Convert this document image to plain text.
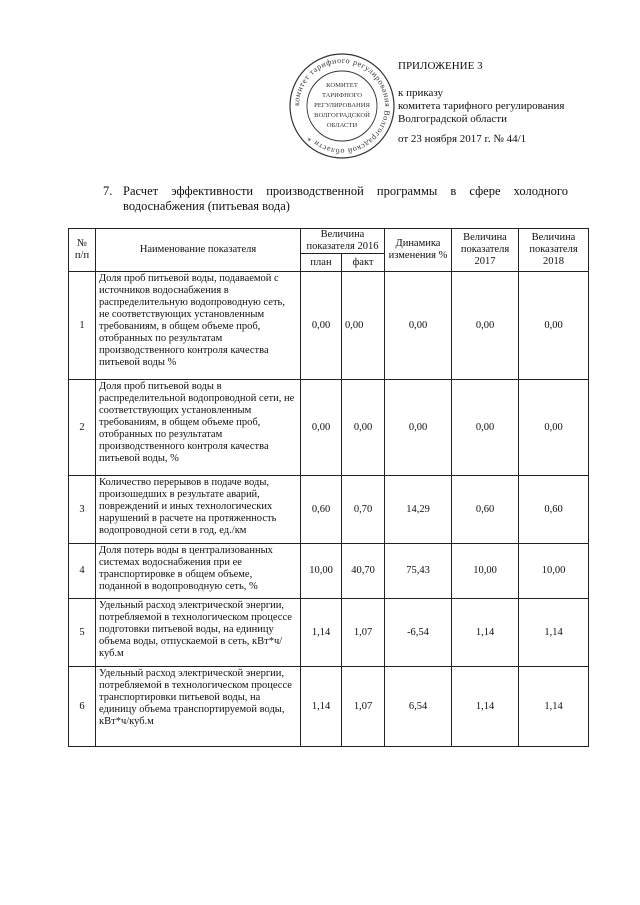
комитет тарифного регулирования Волгоградской области *
КОМИТЕТ
ТАРИФНОГО
РЕГУЛИРОВАНИЯ
ВОЛГОГРАДСКОЙ
ОБЛАСТИ
ПРИЛОЖЕНИЕ 3
к приказу
комитета тарифного регулирования
Волгоградской области
от 23 ноября 2017 г. № 44/1
7. Расчет эффективности производственной программы в сфере холодного
водоснабжения (питьевая вода)
№ п/п	Наименование показателя	Величина показателя 2016		Динамика изменения %	Величина показателя 2017	Величина показателя 2018
		план	факт			
1	Доля проб питьевой воды, подаваемой с источников водоснабжения в распределительную водопроводную сеть, не соответствующих установленным требованиям, в общем объеме проб, отобранных по результатам производственного контроля качества питьевой воды %	0,00	0,00	0,00	0,00	0,00
2	Доля проб питьевой воды в распределительной водопроводной сети, не соответствующих установленным требованиям, в общем объеме проб, отобранных по результатам производственного контроля качества питьевой воды, %	0,00	0,00	0,00	0,00	0,00
3	Количество перерывов в подаче воды, произошедших в результате аварий, повреждений и иных технологических нарушений в расчете на протяженность водопроводной сети в год, ед./км	0,60	0,70	14,29	0,60	0,60
4	Доля потерь воды в централизованных системах водоснабжения при ее транспортировке в общем объеме, поданной в водопроводную сеть, %	10,00	40,70	75,43	10,00	10,00
5	Удельный расход электрической энергии, потребляемой в технологическом процессе подготовки питьевой воды, на единицу объема воды, отпускаемой в сеть, кВт*ч/куб.м	1,14	1,07	-6,54	1,14	1,14
6	Удельный расход электрической энергии, потребляемой в технологическом процессе транспортировки питьевой воды, на единицу объема транспортируемой воды, кВт*ч/куб.м	1,14	1,07	6,54	1,14	1,14
